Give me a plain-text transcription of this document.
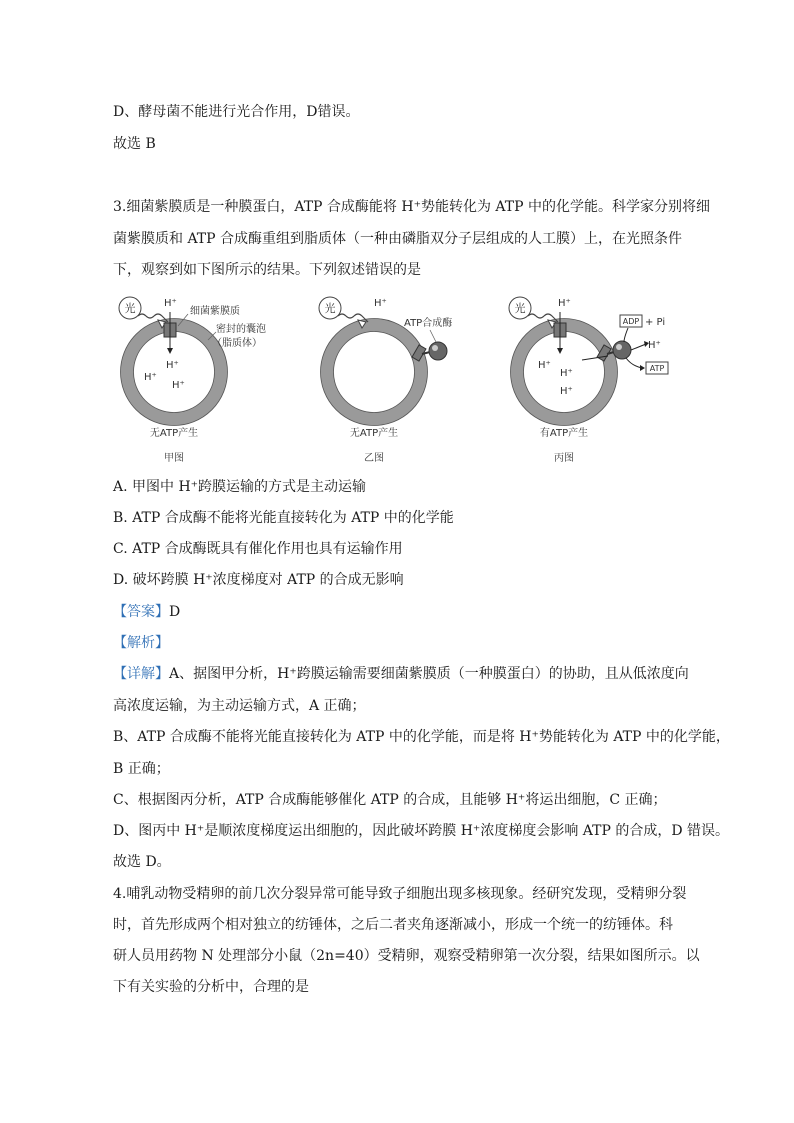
D、酵母菌不能进行光合作用，D错误。
故选 B
3.细菌紫膜质是一种膜蛋白，ATP 合成酶能将 H⁺势能转化为 ATP 中的化学能。科学家分别将细
菌紫膜质和 ATP 合成酶重组到脂质体（一种由磷脂双分子层组成的人工膜）上，在光照条件
下，观察到如下图所示的结果。下列叙述错误的是
光	H⁺
细菌紫膜质
密封的囊泡
（脂质体）
H⁺
H⁺
H⁺
无ATP产生
甲图
光	H⁺
ATP合成酶
无ATP产生
乙图
光	H⁺
H⁺
H⁺
H⁺
ADP + Pi
H⁺
ATP
有ATP产生
丙图
A. 甲图中 H⁺跨膜运输的方式是主动运输
B. ATP 合成酶不能将光能直接转化为 ATP 中的化学能
C. ATP 合成酶既具有催化作用也具有运输作用
D. 破坏跨膜 H⁺浓度梯度对 ATP 的合成无影响
【答案】D
【解析】
【详解】A、据图甲分析，H⁺跨膜运输需要细菌紫膜质（一种膜蛋白）的协助，且从低浓度向
高浓度运输，为主动运输方式，A 正确；
B、ATP 合成酶不能将光能直接转化为 ATP 中的化学能，而是将 H⁺势能转化为 ATP 中的化学能，
B 正确；
C、根据图丙分析，ATP 合成酶能够催化 ATP 的合成，且能够 H⁺将运出细胞，C 正确；
D、图丙中 H⁺是顺浓度梯度运出细胞的，因此破坏跨膜 H⁺浓度梯度会影响 ATP 的合成，D 错误。
故选 D。
4.哺乳动物受精卵的前几次分裂异常可能导致子细胞出现多核现象。经研究发现，受精卵分裂
时，首先形成两个相对独立的纺锤体，之后二者夹角逐渐减小，形成一个统一的纺锤体。科
研人员用药物 N 处理部分小鼠（2n=40）受精卵，观察受精卵第一次分裂，结果如图所示。以
下有关实验的分析中，合理的是
